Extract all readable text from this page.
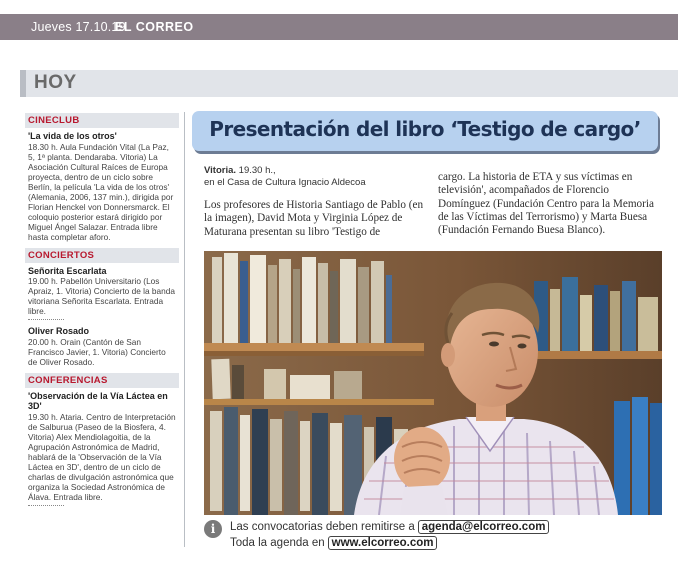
Jueves 17.10.19
EL CORREO
HOY
CINECLUB
'La vida de los otros'
18.30 h. Aula Fundación Vital (La Paz, 5, 1ª planta. Dendaraba. Vitoria) La Asociación Cultural Raíces de Europa proyecta, dentro de un ciclo sobre Berlín, la película 'La vida de los otros' (Alemania, 2006, 137 min.), dirigida por Florian Henckel von Donnersmarck. El coloquio posterior estará dirigido por Miguel Ángel Salazar. Entrada libre hasta completar aforo.
CONCIERTOS
Señorita Escarlata
19.00 h. Pabellón Universitario (Los Apraiz, 1. Vitoria) Concierto de la banda vitoriana Señorita Escarlata. Entrada libre.
Oliver Rosado
20.00 h. Orain (Cantón de San Francisco Javier, 1. Vitoria) Concierto de Oliver Rosado.
CONFERENCIAS
'Observación de la Vía Láctea en 3D'
19.30 h. Ataria. Centro de Interpretación de Salburua (Paseo de la Biosfera, 4. Vitoria) Alex Mendiolagoitia, de la Agrupación Astronómica de Madrid, hablará de la 'Observación de la Vía Láctea en 3D', dentro de un ciclo de charlas de divulgación astronómica que organiza la Sociedad Astronómica de Álava. Entrada libre.
Presentación del libro ‘Testigo de cargo’
Vitoria. 19.30 h.,
en el Casa de Cultura Ignacio Aldecoa
Los profesores de Historia Santiago de Pablo (en la imagen), David Mota y Virginia López de Maturana presentan su libro 'Testigo de
cargo. La historia de ETA y sus víctimas en televisión', acompañados de Florencio Domínguez (Fundación Centro para la Memoria de las Víctimas del Terrorismo) y Marta Buesa (Fundación Fernando Buesa Blanco).
i	Las convocatorias deben remitirse a agenda@elcorreo.com
Toda la agenda en www.elcorreo.com
